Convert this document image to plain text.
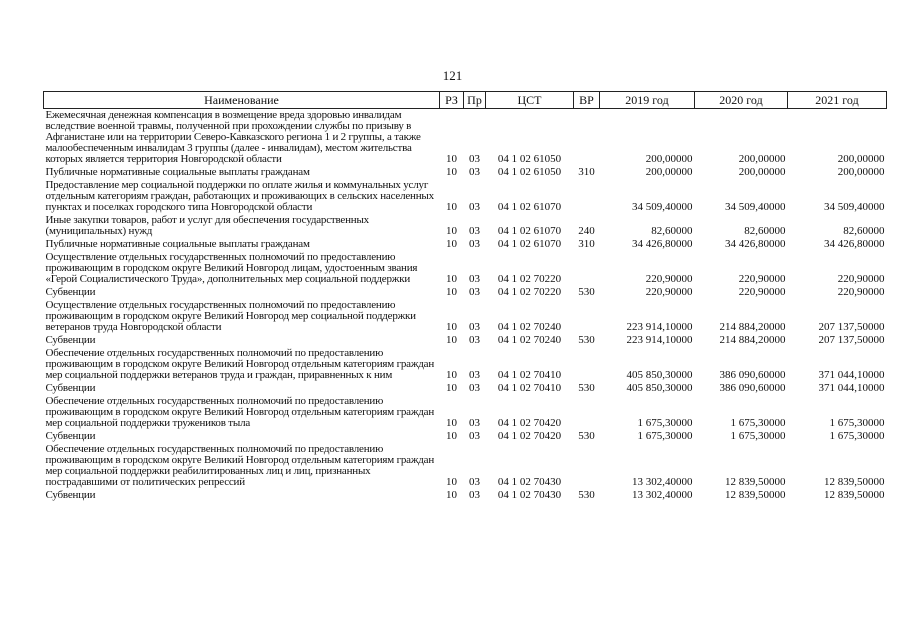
121
Наименование	РЗ	Пр	ЦСТ	ВР	2019 год	2020 год	2021 год
Ежемесячная денежная компенсация в возмещение вреда здоровью инвалидам вследствие военной травмы, полученной при прохождении службы по призыву в Афганистане или на территории Северо-Кавказского региона 1 и 2 группы, а также малообеспеченным инвалидам 3 группы (далее - инвалидам), местом жительства которых является территория Новгородской области	10	03	04 1 02 61050		200,00000	200,00000	200,00000
Публичные нормативные социальные выплаты гражданам	10	03	04 1 02 61050	310	200,00000	200,00000	200,00000
Предоставление мер социальной поддержки по оплате жилья и коммунальных услуг отдельным категориям граждан, работающих и проживающих в сельских населенных пунктах и поселках городского типа Новгородской области	10	03	04 1 02 61070		34 509,40000	34 509,40000	34 509,40000
Иные закупки товаров, работ и услуг для обеспечения государственных (муниципальных) нужд	10	03	04 1 02 61070	240	82,60000	82,60000	82,60000
Публичные нормативные социальные выплаты гражданам	10	03	04 1 02 61070	310	34 426,80000	34 426,80000	34 426,80000
Осуществление отдельных государственных полномочий по предоставлению проживающим в городском округе Великий Новгород лицам, удостоенным звания «Герой Социалистического Труда», дополнительных мер социальной поддержки	10	03	04 1 02 70220		220,90000	220,90000	220,90000
Субвенции	10	03	04 1 02 70220	530	220,90000	220,90000	220,90000
Осуществление отдельных государственных полномочий по предоставлению проживающим в городском округе Великий Новгород мер социальной поддержки ветеранов труда Новгородской области	10	03	04 1 02 70240		223 914,10000	214 884,20000	207 137,50000
Субвенции	10	03	04 1 02 70240	530	223 914,10000	214 884,20000	207 137,50000
Обеспечение отдельных государственных полномочий по предоставлению проживающим в городском округе Великий Новгород отдельным категориям граждан мер социальной поддержки ветеранов труда и граждан, приравненных к ним	10	03	04 1 02 70410		405 850,30000	386 090,60000	371 044,10000
Субвенции	10	03	04 1 02 70410	530	405 850,30000	386 090,60000	371 044,10000
Обеспечение отдельных государственных полномочий по предоставлению проживающим в городском округе Великий Новгород отдельным категориям граждан мер социальной поддержки тружеников тыла	10	03	04 1 02 70420		1 675,30000	1 675,30000	1 675,30000
Субвенции	10	03	04 1 02 70420	530	1 675,30000	1 675,30000	1 675,30000
Обеспечение отдельных государственных полномочий по предоставлению проживающим в городском округе Великий Новгород отдельным категориям граждан мер социальной поддержки реабилитированных лиц и лиц, признанных пострадавшими от политических репрессий	10	03	04 1 02 70430		13 302,40000	12 839,50000	12 839,50000
Субвенции	10	03	04 1 02 70430	530	13 302,40000	12 839,50000	12 839,50000
